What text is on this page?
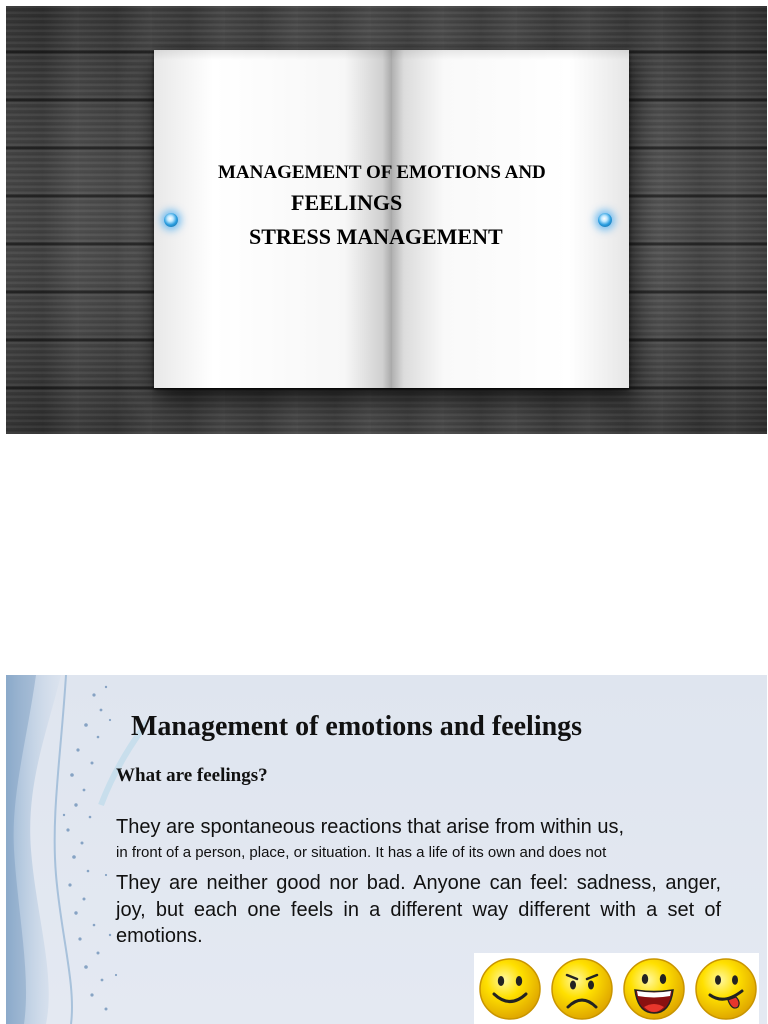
MANAGEMENT OF EMOTIONS AND
FEELINGS
STRESS MANAGEMENT
Management of emotions and feelings
What are feelings?
They are spontaneous reactions that arise from within us,
in front of a person, place, or situation. It has a life of its own and does not
They are neither good nor bad. Anyone can feel: sadness, anger, joy, but each one feels in a different way different with a set of emotions.
